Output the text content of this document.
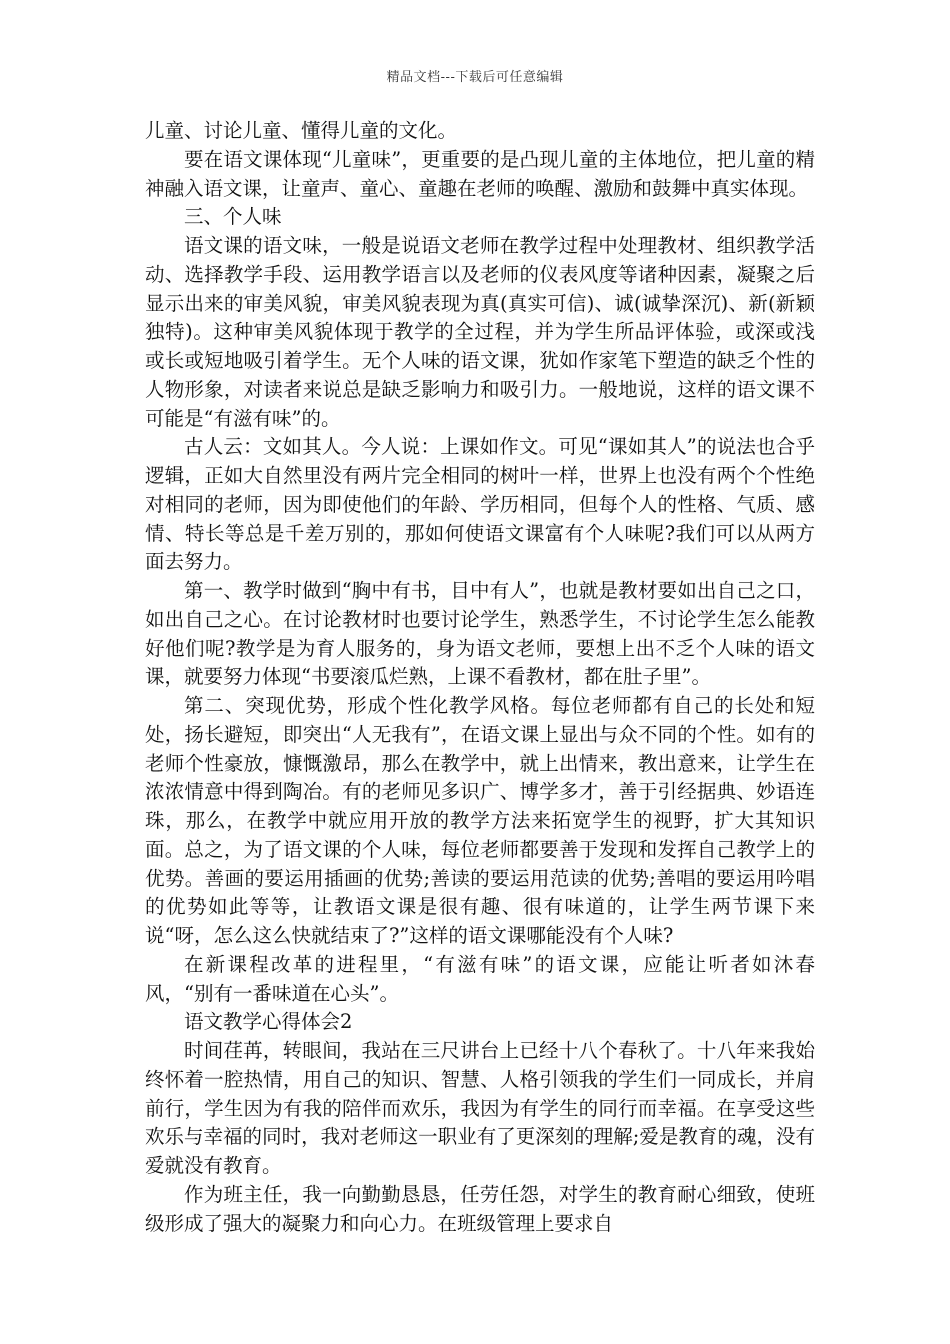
精品文档---下载后可任意编辑

儿童、讨论儿童、懂得儿童的文化。

要在语文课体现“儿童味”，更重要的是凸现儿童的主体地位，把儿童的精神融入语文课，让童声、童心、童趣在老师的唤醒、激励和鼓舞中真实体现。

三、个人味

语文课的语文味，一般是说语文老师在教学过程中处理教材、组织教学活动、选择教学手段、运用教学语言以及老师的仪表风度等诸种因素，凝聚之后显示出来的审美风貌，审美风貌表现为真(真实可信)、诚(诚挚深沉)、新(新颖独特)。这种审美风貌体现于教学的全过程，并为学生所品评体验，或深或浅或长或短地吸引着学生。无个人味的语文课，犹如作家笔下塑造的缺乏个性的人物形象，对读者来说总是缺乏影响力和吸引力。一般地说，这样的语文课不可能是“有滋有味”的。

古人云：文如其人。今人说：上课如作文。可见“课如其人”的说法也合乎逻辑，正如大自然里没有两片完全相同的树叶一样，世界上也没有两个个性绝对相同的老师，因为即使他们的年龄、学历相同，但每个人的性格、气质、感情、特长等总是千差万别的，那如何使语文课富有个人味呢?我们可以从两方面去努力。

第一、教学时做到“胸中有书，目中有人”，也就是教材要如出自己之口，如出自己之心。在讨论教材时也要讨论学生，熟悉学生，不讨论学生怎么能教好他们呢?教学是为育人服务的，身为语文老师，要想上出不乏个人味的语文课，就要努力体现“书要滚瓜烂熟，上课不看教材，都在肚子里”。

第二、突现优势，形成个性化教学风格。每位老师都有自己的长处和短处，扬长避短，即突出“人无我有”，在语文课上显出与众不同的个性。如有的老师个性豪放，慷慨激昂，那么在教学中，就上出情来，教出意来，让学生在浓浓情意中得到陶冶。有的老师见多识广、博学多才，善于引经据典、妙语连珠，那么，在教学中就应用开放的教学方法来拓宽学生的视野，扩大其知识面。总之，为了语文课的个人味，每位老师都要善于发现和发挥自己教学上的优势。善画的要运用插画的优势;善读的要运用范读的优势;善唱的要运用吟唱的优势如此等等，让教语文课是很有趣、很有味道的，让学生两节课下来说“呀，怎么这么快就结束了?”这样的语文课哪能没有个人味?

在新课程改革的进程里，“有滋有味”的语文课，应能让听者如沐春风，“别有一番味道在心头”。

语文教学心得体会2

时间荏苒，转眼间，我站在三尺讲台上已经十八个春秋了。十八年来我始终怀着一腔热情，用自己的知识、智慧、人格引领我的学生们一同成长，并肩前行，学生因为有我的陪伴而欢乐，我因为有学生的同行而幸福。在享受这些欢乐与幸福的同时，我对老师这一职业有了更深刻的理解;爱是教育的魂，没有爱就没有教育。

作为班主任，我一向勤勤恳恳，任劳任怨，对学生的教育耐心细致，使班级形成了强大的凝聚力和向心力。在班级管理上要求自
